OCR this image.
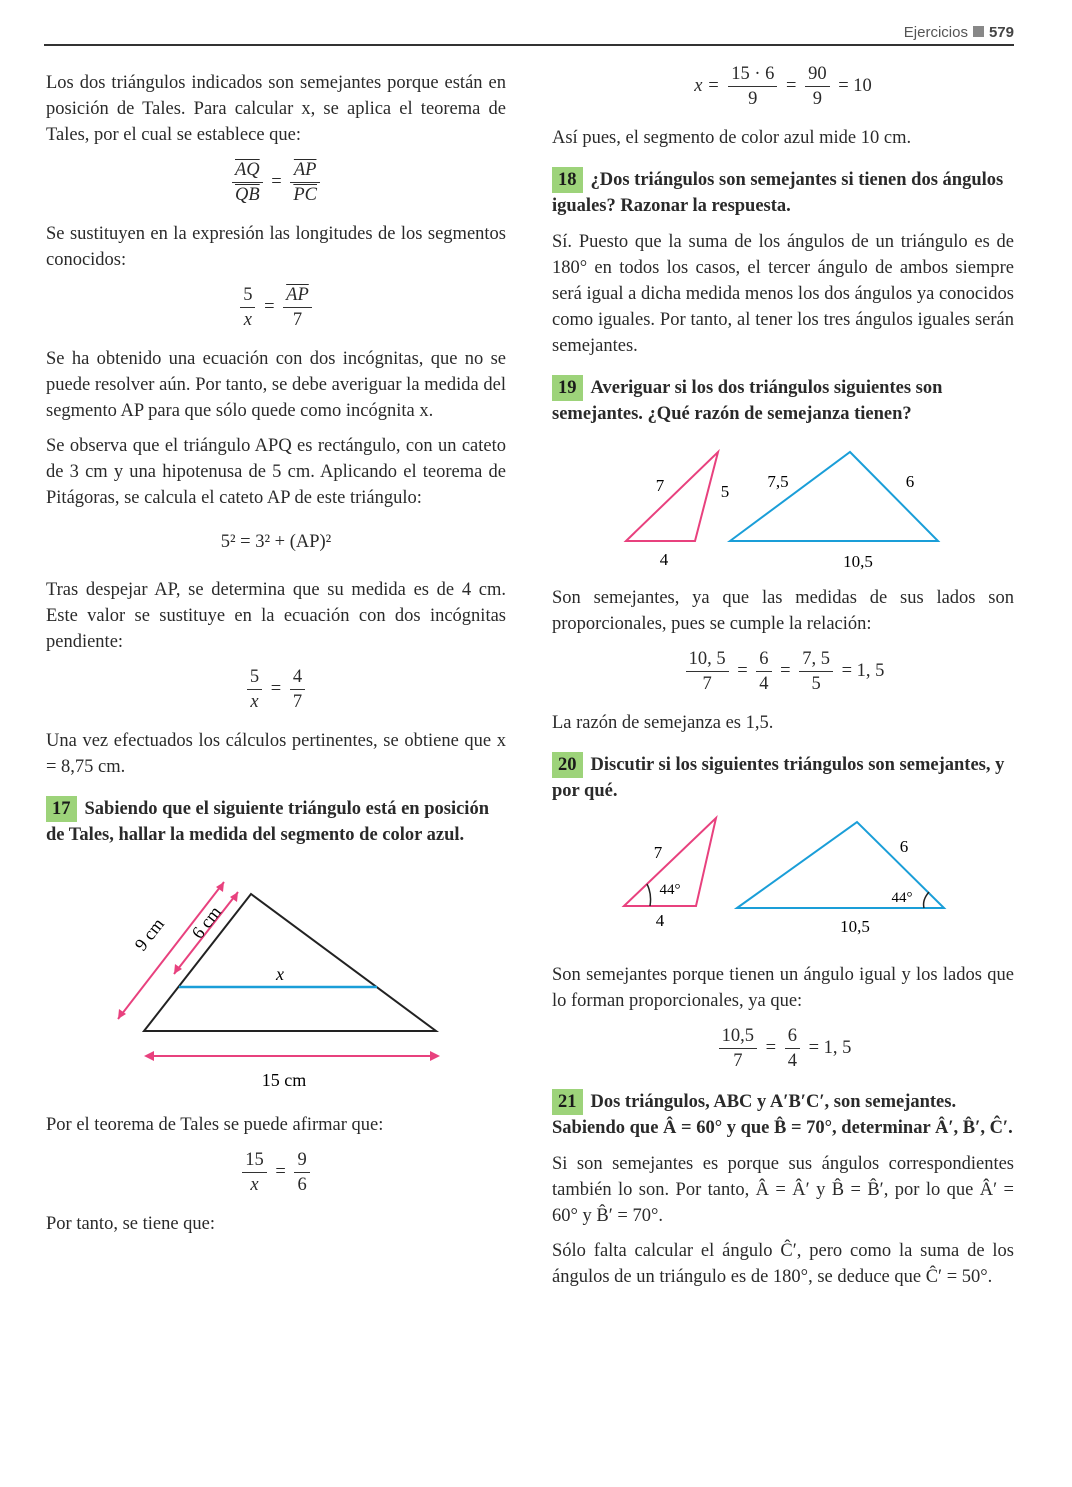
Ejercicios 579

Los dos triángulos indicados son semejantes porque están en posición de Tales. Para calcular x, se aplica el teorema de Tales, por el cual se establece que:

$\frac{\overline{AQ}}{QB} = \frac{\overline{AP}}{PC}$

Se sustituyen en la expresión las longitudes de los segmentos conocidos:

$\frac{5}{x} = \frac{\overline{AP}}{7}$

Se ha obtenido una ecuación con dos incógnitas, que no se puede resolver aún. Por tanto, se debe averiguar la medida del segmento AP para que sólo quede como incógnita x.

Se observa que el triángulo APQ es rectángulo, con un cateto de 3 cm y una hipotenusa de 5 cm. Aplicando el teorema de Pitágoras, se calcula el cateto AP de este triángulo:

5² = 3² + (AP)²

Tras despejar AP, se determina que su medida es de 4 cm. Este valor se sustituye en la ecuación con dos incógnitas pendiente:

$\frac{5}{x} = \frac{4}{7}$

Una vez efectuados los cálculos pertinentes, se obtiene que x = 8,75 cm.

17 Sabiendo que el siguiente triángulo está en posición de Tales, hallar la medida del segmento de color azul.
9 cm 6 cm
x
15 cm

Por el teorema de Tales se puede afirmar que:

$\frac{15}{x} = \frac{9}{6}$

Por tanto, se tiene que:

$x = \frac{15 \cdot 6}{9} = \frac{90}{9} = 10$

Así pues, el segmento de color azul mide 10 cm.

18 ¿Dos triángulos son semejantes si tienen dos ángulos iguales? Razonar la respuesta.

Sí. Puesto que la suma de los ángulos de un triángulo es de 180° en todos los casos, el tercer ángulo de ambos siempre será igual a dicha medida menos los dos ángulos ya conocidos como iguales. Por tanto, al tener los tres ángulos iguales serán semejantes.

19 Averiguar si los dos triángulos siguientes son semejantes. ¿Qué razón de semejanza tienen?
7	5
4
7,5	6
10,5

Son semejantes, ya que las medidas de sus lados son proporcionales, pues se cumple la relación:

$\frac{10, 5}{7} = \frac{6}{4} = \frac{7, 5}{5} = 1$, 5

La razón de semejanza es 1,5.

20 Discutir si los siguientes triángulos son semejantes, y por qué.
7
44°
4
6
44°
10,5

Son semejantes porque tienen un ángulo igual y los lados que lo forman proporcionales, ya que:

$\frac{10,5}{7} = \frac{6}{4} = 1$, 5
21 Dos triángulos, ABC y A′B′C′, son semejantes. Sabiendo que Â = 60° y que B̂ = 70°, determinar Â′, B̂′, Ĉ′.

Si son semejantes es porque sus ángulos correspondientes también lo son. Por tanto, Â = Â′ y B̂ = B̂′, por lo que Â′ = 60° y B̂′ = 70°.

Sólo falta calcular el ángulo Ĉ′, pero como la suma de los ángulos de un triángulo es de 180°, se deduce que Ĉ′ = 50°.
